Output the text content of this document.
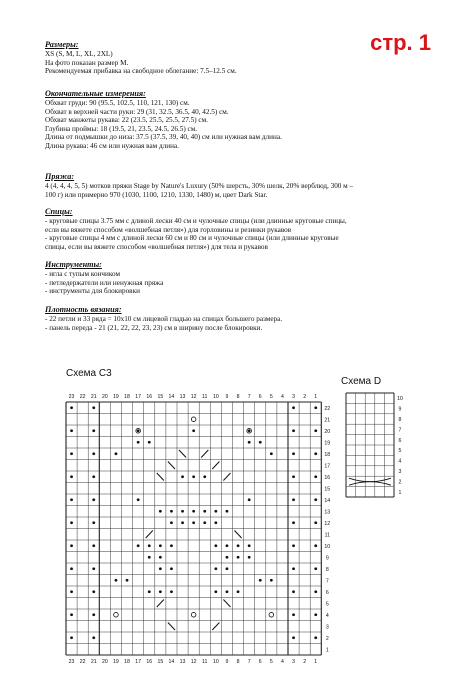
стр. 1

Размеры:

XS (S, M, L, XL, 2XL)

На фото показан размер М.

Рекомендуемая прибавка на свободное облегание: 7.5–12.5 см.

Окончательные измерения:

Обхват груди: 90 (95.5, 102.5, 110, 121, 130) см.

Обхват в верхней части руки: 29 (31, 32.5, 36.5, 40, 42.5) см.

Обхват манжеты рукава: 22 (23.5, 25.5, 25.5, 27.5) см.

Глубина проймы: 18 (19.5, 21, 23.5, 24.5, 26.5) см.

Длина от подмышки до низа: 37.5 (37.5, 39, 40, 40) см или нужная вам длина.

Длина рукава: 46 см или нужная вам длина.

Пряжа:

4 (4, 4, 4, 5, 5) мотков пряжи Stage by Nature's Luxury (50% шерсть, 30% шелк, 20% верблюд, 300 м –

100 г) или примерно 970 (1030, 1100, 1210, 1330, 1480) м, цвет Dark Star.

Спицы:

- круговые спицы 3.75 мм с длиной лески 40 см и чулочные спицы (или длинные круговые спицы,

если вы вяжете способом «волшебная петля») для горловины и резинки рукавов

- круговые спицы 4 мм с длиной лески 60 см и 80 см и чулочные спицы (или длинные круговые

спицы, если вы вяжете способом «волшебная петля») для тела и рукавов

Инструменты:

- игла с тупым кончиком

- петледержатели или ненужная пряжа

- инструменты для блокировки

Плотность вязания:

- 22 петли и 33 ряда = 10x10 см лицевой гладью на спицах большего размера.

- панель переда - 21 (21, 22, 22, 23, 23) см в ширину после блокировки.

Схема С3
Схема D
23 22 21 20 19 18 17 16 15 14 13 12 11 10 9 8 7 6 5 4 3 2 1
23 22 21 20 19 18 17 16 15 14 13 12 11 10 9 8 7 6 5 4 3 2 1
22
21
20
19
18
17
16
15
14
13
12
11
10
9
8
7
6
5
4
3
2
1
10
9
8
7
6
5
4
3
2
1
